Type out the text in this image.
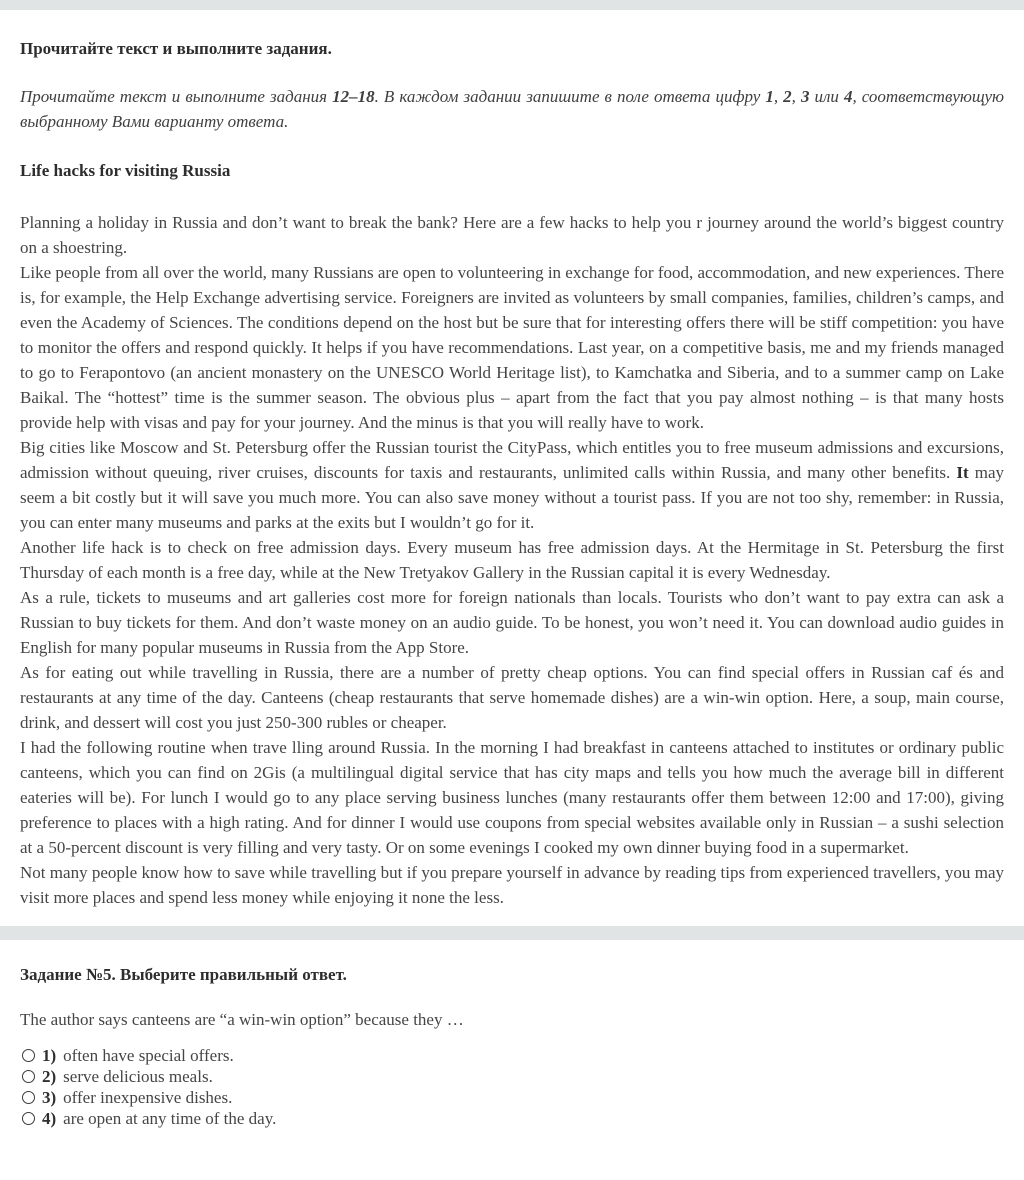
Прочитайте текст и выполните задания.
Прочитайте текст и выполните задания 12–18. В каждом задании запишите в поле ответа цифру 1, 2, 3 или 4, соответствующую выбранному Вами варианту ответа.
Life hacks for visiting Russia

Planning a holiday in Russia and don’t want to break the bank? Here are a few hacks to help you r journey around the world’s biggest country on a shoestring.

Like people from all over the world, many Russians are open to volunteering in exchange for food, accommodation, and new experiences. There is, for example, the Help Exchange advertising service. Foreigners are invited as volunteers by small companies, families, children’s camps, and even the Academy of Sciences. The conditions depend on the host but be sure that for interesting offers there will be stiff competition: you have to monitor the offers and respond quickly. It helps if you have recommendations. Last year, on a competitive basis, me and my friends managed to go to Ferapontovo (an ancient monastery on the UNESCO World Heritage list), to Kamchatka and Siberia, and to a summer camp on Lake Baikal. The “hottest” time is the summer season. The obvious plus – apart from the fact that you pay almost nothing – is that many hosts provide help with visas and pay for your journey. And the minus is that you will really have to work.

Big cities like Moscow and St. Petersburg offer the Russian tourist the CityPass, which entitles you to free museum admissions and excursions, admission without queuing, river cruises, discounts for taxis and restaurants, unlimited calls within Russia, and many other benefits. It may seem a bit costly but it will save you much more. You can also save money without a tourist pass. If you are not too shy, remember: in Russia, you can enter many museums and parks at the exits but I wouldn’t go for it.

Another life hack is to check on free admission days. Every museum has free admission days. At the Hermitage in St. Petersburg the first Thursday of each month is a free day, while at the New Tretyakov Gallery in the Russian capital it is every Wednesday.

As a rule, tickets to museums and art galleries cost more for foreign nationals than locals. Tourists who don’t want to pay extra can ask a Russian to buy tickets for them. And don’t waste money on an audio guide. To be honest, you won’t need it. You can download audio guides in English for many popular museums in Russia from the App Store.

As for eating out while travelling in Russia, there are a number of pretty cheap options. You can find special offers in Russian caf és and restaurants at any time of the day. Canteens (cheap restaurants that serve homemade dishes) are a win-win option. Here, a soup, main course, drink, and dessert will cost you just 250-300 rubles or cheaper.

I had the following routine when trave lling around Russia. In the morning I had breakfast in canteens attached to institutes or ordinary public canteens, which you can find on 2Gis (a multilingual digital service that has city maps and tells you how much the average bill in different eateries will be). For lunch I would go to any place serving business lunches (many restaurants offer them between 12:00 and 17:00), giving preference to places with a high rating. And for dinner I would use coupons from special websites available only in Russian – a sushi selection at a 50-percent discount is very filling and very tasty. Or on some evenings I cooked my own dinner buying food in a supermarket.

Not many people know how to save while travelling but if you prepare yourself in advance by reading tips from experienced travellers, you may visit more places and spend less money while enjoying it none the less.

Задание №5. Выберите правильный ответ.
The author says canteens are “a win-win option” because they …
1) often have special offers.
2) serve delicious meals.
3) offer inexpensive dishes.
4) are open at any time of the day.
